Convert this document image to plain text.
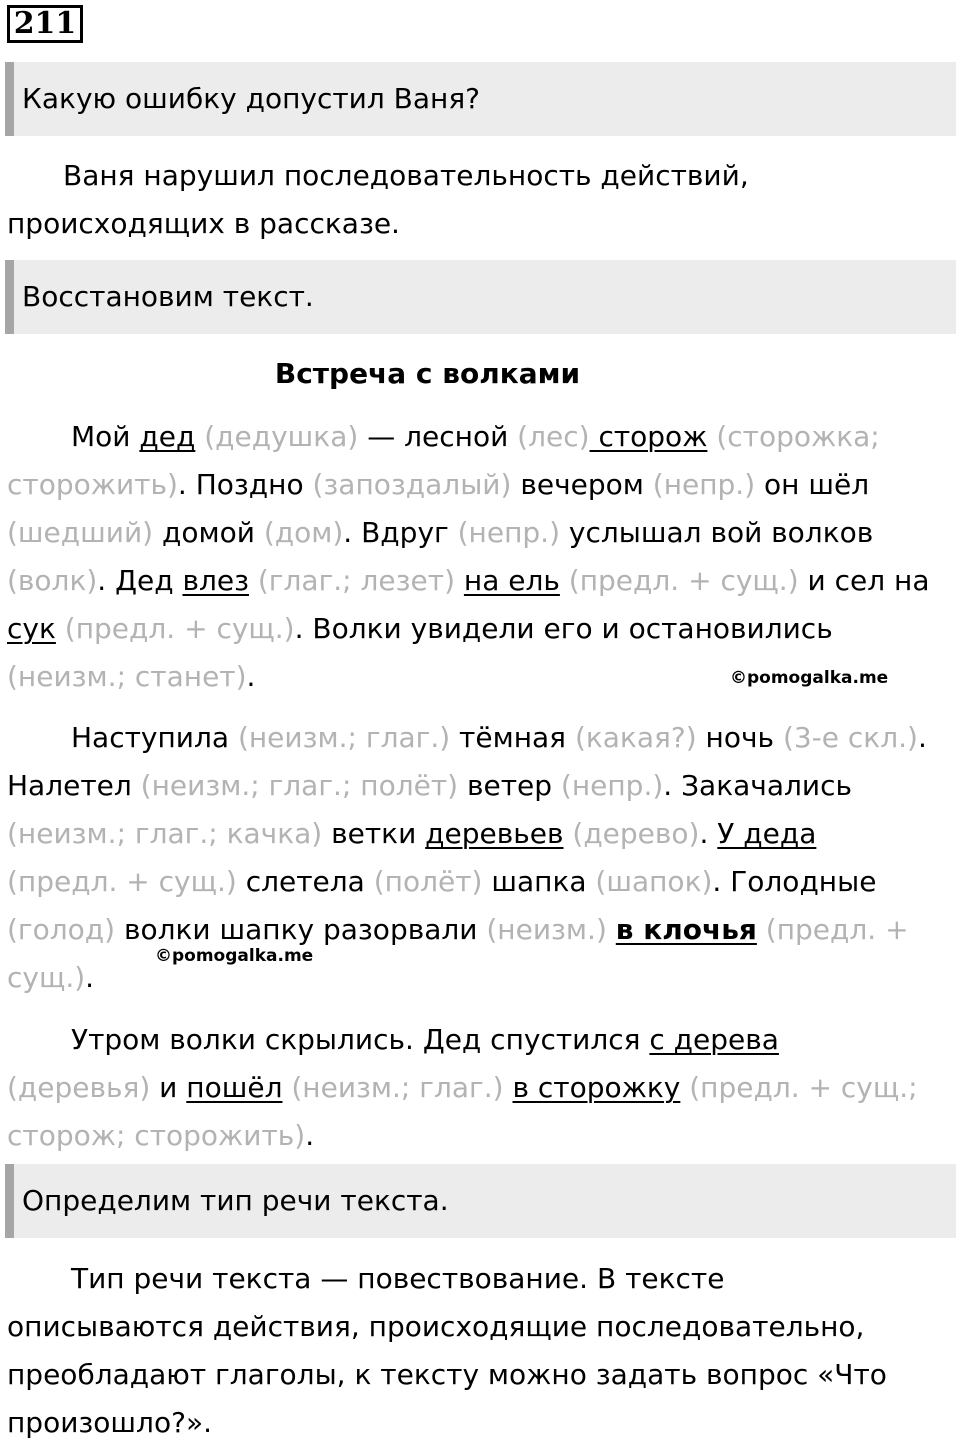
211
Какую ошибку допустил Ваня?
Ваня нарушил последовательность действий,
происходящих в рассказе.
Восстановим текст.
Встреча с волками
Мой дед (дедушка) — лесной (лес) сторож (сторожка;
сторожить). Поздно (запоздалый) вечером (непр.) он шёл
(шедший) домой (дом). Вдруг (непр.) услышал вой волков
(волк). Дед влез (глаг.; лезет) на ель (предл. + сущ.) и сел на
сук (предл. + сущ.). Волки увидели его и остановились
(неизм.; станет).	©pomogalka.me
Наступила (неизм.; глаг.) тёмная (какая?) ночь (3-е скл.).
Налетел (неизм.; глаг.; полёт) ветер (непр.). Закачались
(неизм.; глаг.; качка) ветки деревьев (дерево). У деда
(предл. + сущ.) слетела (полёт) шапка (шапок). Голодные
(голод) волки шапку разорвали (неизм.) в клочья (предл. +
сущ.).
©pomogalka.me
Утром волки скрылись. Дед спустился с дерева
(деревья) и пошёл (неизм.; глаг.) в сторожку (предл. + сущ.;
сторож; сторожить).
Определим тип речи текста.
Тип речи текста — повествование. В тексте
описываются действия, происходящие последовательно,
преобладают глаголы, к тексту можно задать вопрос «Что
произошло?».
